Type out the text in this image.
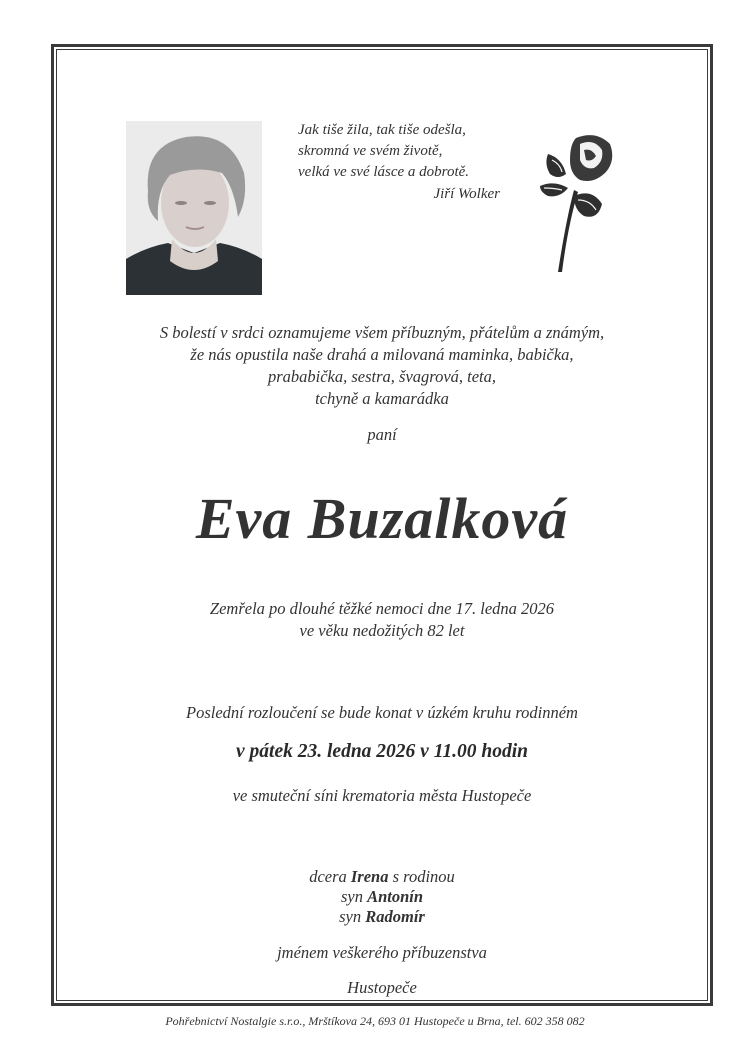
Jak tiše žila, tak tiše odešla,
skromná ve svém životě,
velká ve své lásce a dobrotě.
Jiří Wolker
S bolestí v srdci oznamujeme všem příbuzným, přátelům a známým,
že nás opustila naše drahá a milovaná maminka, babička,
prababička, sestra, švagrová, teta,
tchyně a kamarádka
paní
Eva Buzalková
Zemřela po dlouhé těžké nemoci dne 17. ledna 2026
ve věku nedožitých 82 let
Poslední rozloučení se bude konat v úzkém kruhu rodinném
v pátek 23. ledna 2026 v 11.00 hodin
ve smuteční síni krematoria města Hustopeče
dcera Irena s rodinou
syn Antonín
syn Radomír
jménem veškerého příbuzenstva
Hustopeče
Pohřebnictví Nostalgie s.r.o., Mrštíkova 24, 693 01 Hustopeče u Brna, tel. 602 358 082
